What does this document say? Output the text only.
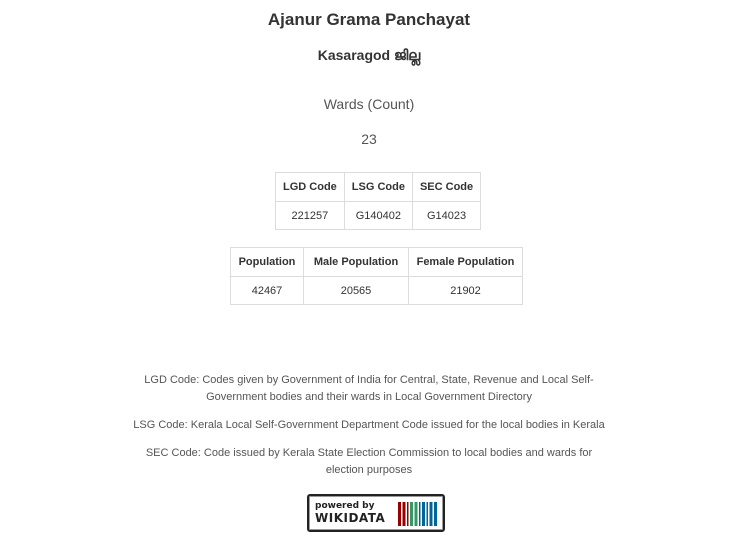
Ajanur Grama Panchayat
Kasaragod ജില്ല
Wards (Count)
23
LGD Code	LSG Code	SEC Code
221257	G140402	G14023
Population	Male Population	Female Population
42467	20565	21902
LGD Code: Codes given by Government of India for Central, State, Revenue and Local Self-Government bodies and their wards in Local Government Directory
LSG Code: Kerala Local Self-Government Department Code issued for the local bodies in Kerala
SEC Code: Code issued by Kerala State Election Commission to local bodies and wards for election purposes
powered by
WIKIDATA
